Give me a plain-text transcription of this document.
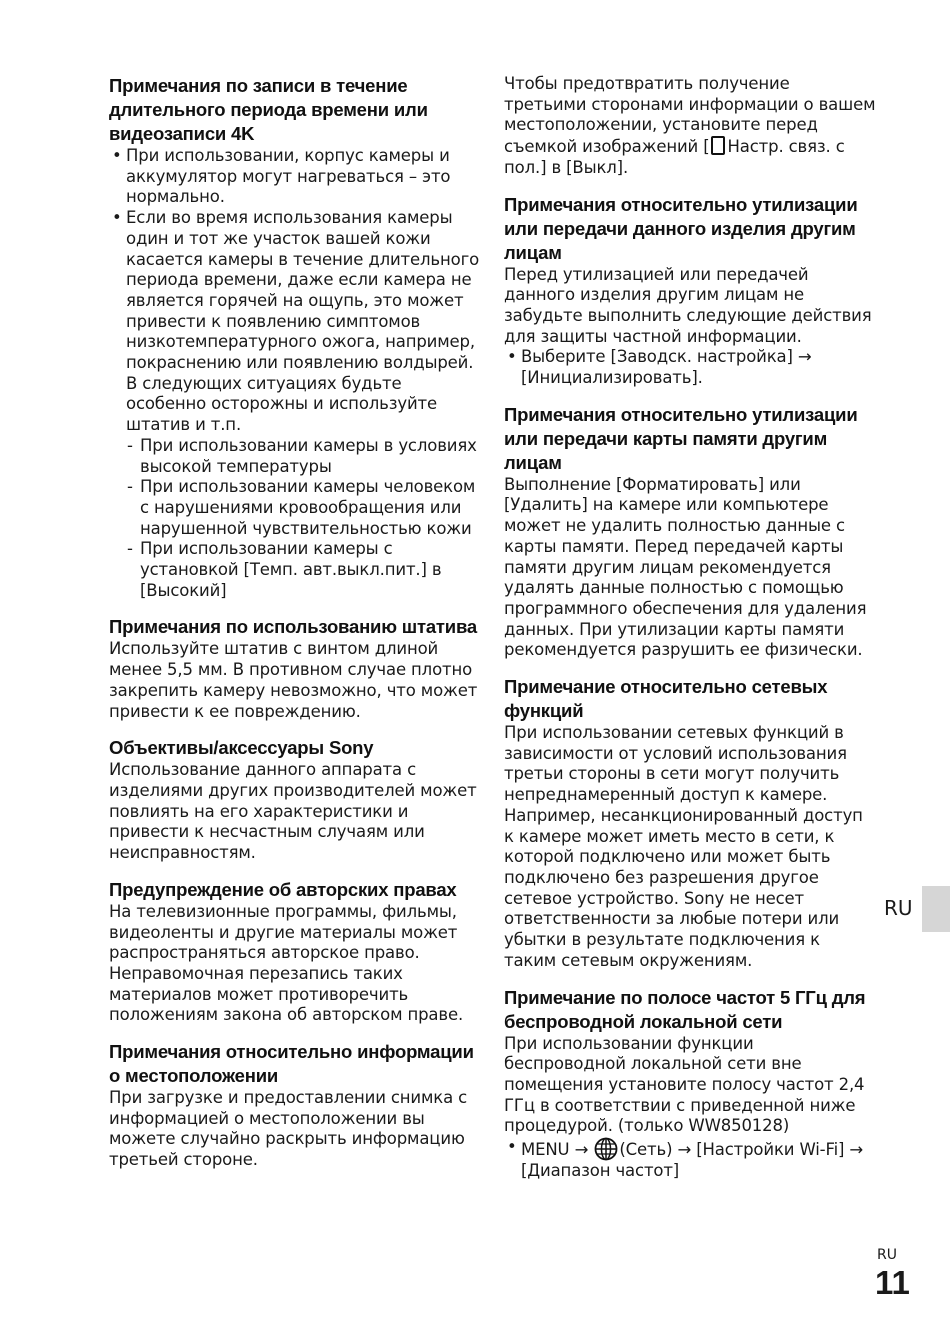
Примечания по записи в течение длительного периода времени или видеозаписи 4K
• При использовании, корпус камеры и аккумулятор могут нагреваться – это нормально.
• Если во время использования камеры один и тот же участок вашей кожи касается камеры в течение длительного периода времени, даже если камера не является горячей на ощупь, это может привести к появлению симптомов низкотемпературного ожога, например, покраснению или появлению волдырей. В следующих ситуациях будьте особенно осторожны и используйте штатив и т.п.
- При использовании камеры в условиях высокой температуры
- При использовании камеры человеком с нарушениями кровообращения или нарушенной чувствительностью кожи
- При использовании камеры с установкой [Темп. авт.выкл.пит.] в [Высокий]
Примечания по использованию штатива

Используйте штатив с винтом длиной менее 5,5 мм. В противном случае плотно закрепить камеру невозможно, что может привести к ее повреждению.

Объективы/аксессуары Sony

Использование данного аппарата с изделиями других производителей может повлиять на его характеристики и привести к несчастным случаям или неисправностям.

Предупреждение об авторских правах

На телевизионные программы, фильмы, видеоленты и другие материалы может распространяться авторское право. Неправомочная перезапись таких материалов может противоречить положениям закона об авторском праве.

Примечания относительно информации о местоположении

При загрузке и предоставлении снимка с информацией о местоположении вы можете случайно раскрыть информацию третьей стороне.

Чтобы предотвратить получение третьими сторонами информации о вашем местоположении, установите перед съемкой изображений [ Настр. связ. с пол.] в [Выкл].

Примечания относительно утилизации или передачи данного изделия другим лицам

Перед утилизацией или передачей данного изделия другим лицам не забудьте выполнить следующие действия для защиты частной информации.

• Выберите [Заводск. настройка] → [Инициализировать].
Примечания относительно утилизации или передачи карты памяти другим лицам

Выполнение [Форматировать] или [Удалить] на камере или компьютере может не удалить полностью данные с карты памяти. Перед передачей карты памяти другим лицам рекомендуется удалять данные полностью с помощью программного обеспечения для удаления данных. При утилизации карты памяти рекомендуется разрушить ее физически.

Примечание относительно сетевых функций

При использовании сетевых функций в зависимости от условий использования третьи стороны в сети могут получить непреднамеренный доступ к камере. Например, несанкционированный доступ к камере может иметь место в сети, к которой подключено или может быть подключено без разрешения другое сетевое устройство. Sony не несет ответственности за любые потери или убытки в результате подключения к таким сетевым окружениям.

Примечание по полосе частот 5 ГГц для беспроводной локальной сети

При использовании функции беспроводной локальной сети вне помещения установите полосу частот 2,4 ГГц в соответствии с приведенной ниже процедурой. (только WW850128)

• MENU → (Сеть) → [Настройки Wi-Fi] → [Диапазон частот]
RU
RU
11
